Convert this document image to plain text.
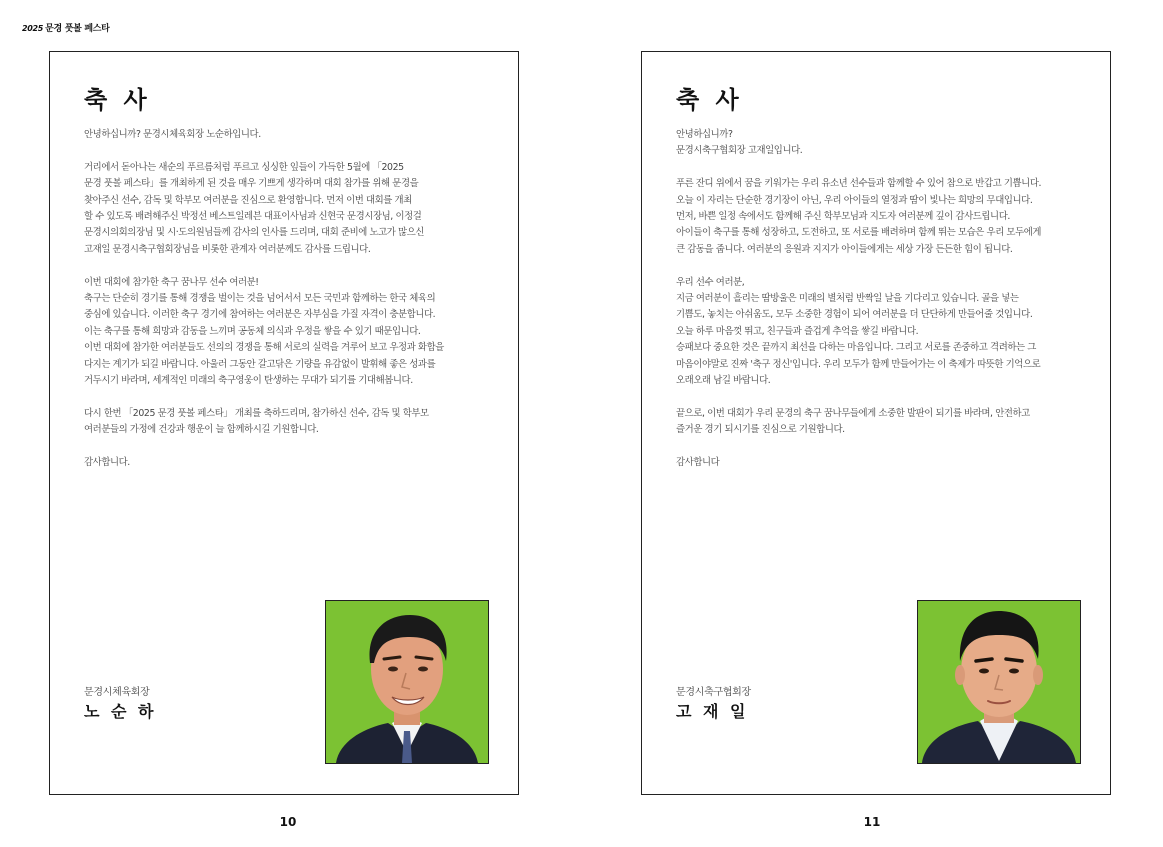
2025 문경 풋볼 페스타
축 사
안녕하십니까? 문경시체육회장 노순하입니다.
거리에서 돋아나는 새순의 푸르름처럼 푸르고 싱싱한 잎들이 가득한 5월에 「2025
문경 풋볼 페스타」를 개최하게 된 것을 매우 기쁘게 생각하며 대회 참가를 위해 문경을
찾아주신 선수, 감독 및 학부모 여러분을 진심으로 환영합니다. 먼저 이번 대회를 개최
할 수 있도록 배려해주신 박정선 베스트일레븐 대표이사님과 신현국 문경시장님, 이정걸
문경시의회의장님 및 시·도의원님들께 감사의 인사를 드리며, 대회 준비에 노고가 많으신
고재일 문경시축구협회장님을 비롯한 관계자 여러분께도 감사를 드립니다.
이번 대회에 참가한 축구 꿈나무 선수 여러분!
축구는 단순히 경기를 통해 경쟁을 벌이는 것을 넘어서서 모든 국민과 함께하는 한국 체육의
중심에 있습니다. 이러한 축구 경기에 참여하는 여러분은 자부심을 가질 자격이 충분합니다.
이는 축구를 통해 희망과 감동을 느끼며 공동체 의식과 우정을 쌓을 수 있기 때문입니다.
이번 대회에 참가한 여러분들도 선의의 경쟁을 통해 서로의 실력을 겨루어 보고 우정과 화합을
다지는 계기가 되길 바랍니다. 아울러 그동안 갈고닦은 기량을 유감없이 발휘해 좋은 성과를
거두시기 바라며, 세계적인 미래의 축구영웅이 탄생하는 무대가 되기를 기대해봅니다.
다시 한번 「2025 문경 풋볼 페스타」 개최를 축하드리며, 참가하신 선수, 감독 및 학부모
여러분들의 가정에 건강과 행운이 늘 함께하시길 기원합니다.
감사합니다.
문경시체육회장
노 순 하
축 사
안녕하십니까?
문경시축구협회장 고재일입니다.
푸른 잔디 위에서 꿈을 키워가는 우리 유소년 선수들과 함께할 수 있어 참으로 반갑고 기쁩니다.
오늘 이 자리는 단순한 경기장이 아닌, 우리 아이들의 열정과 땀이 빛나는 희망의 무대입니다.
먼저, 바쁜 일정 속에서도 함께해 주신 학부모님과 지도자 여러분께 깊이 감사드립니다.
아이들이 축구를 통해 성장하고, 도전하고, 또 서로를 배려하며 함께 뛰는 모습은 우리 모두에게
큰 감동을 줍니다. 여러분의 응원과 지지가 아이들에게는 세상 가장 든든한 힘이 됩니다.
우리 선수 여러분,
지금 여러분이 흘리는 땀방울은 미래의 별처럼 반짝일 날을 기다리고 있습니다. 골을 넣는
기쁨도, 놓치는 아쉬움도, 모두 소중한 경험이 되어 여러분을 더 단단하게 만들어줄 것입니다.
오늘 하루 마음껏 뛰고, 친구들과 즐겁게 추억을 쌓길 바랍니다.
승패보다 중요한 것은 끝까지 최선을 다하는 마음입니다. 그리고 서로를 존중하고 격려하는 그
마음이야말로 진짜 '축구 정신'입니다. 우리 모두가 함께 만들어가는 이 축제가 따뜻한 기억으로
오래오래 남길 바랍니다.
끝으로, 이번 대회가 우리 문경의 축구 꿈나무들에게 소중한 발판이 되기를 바라며, 안전하고
즐거운 경기 되시기를 진심으로 기원합니다.
감사합니다
문경시축구협회장
고 재 일
10	11
